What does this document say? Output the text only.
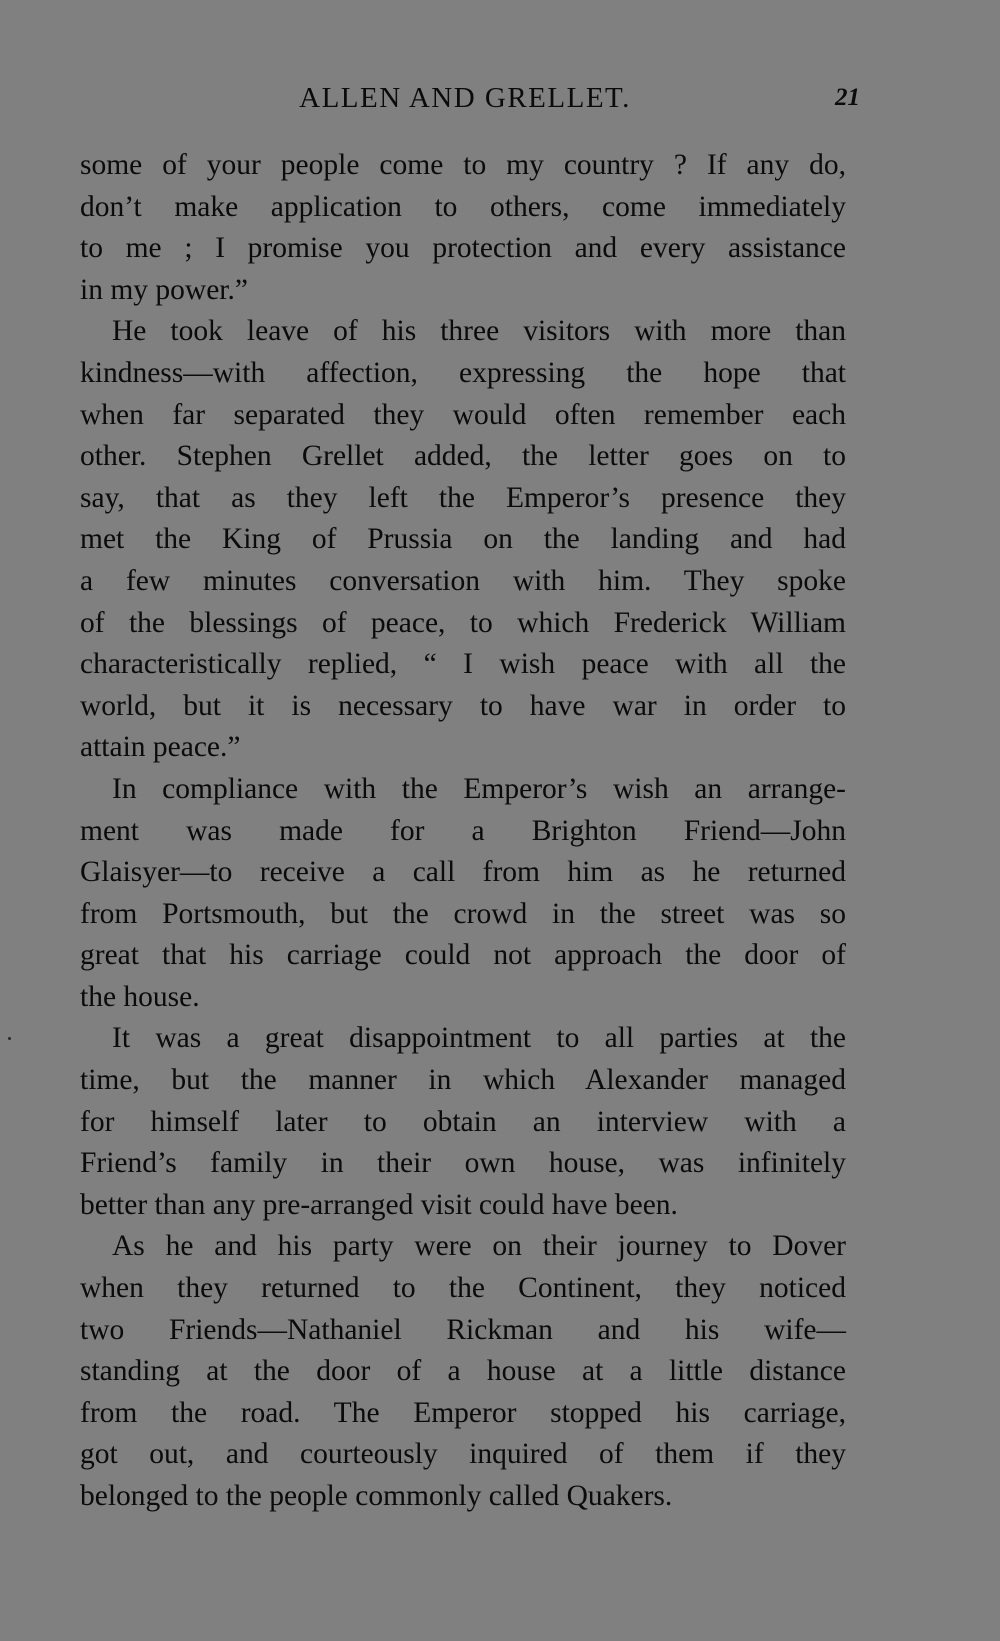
ALLEN AND GRELLET.	21

some of your people come to my country ? If any do,
don’t make application to others, come immediately
to me ; I promise you protection and every assistance
in my power.”

He took leave of his three visitors with more than
kindness—with affection, expressing the hope that
when far separated they would often remember each
other. Stephen Grellet added, the letter goes on to
say, that as they left the Emperor’s presence they
met the King of Prussia on the landing and had
a few minutes conversation with him. They spoke
of the blessings of peace, to which Frederick William
characteristically replied, “ I wish peace with all the
world, but it is necessary to have war in order to
attain peace.”

In compliance with the Emperor’s wish an arrange-
ment was made for a Brighton Friend—John
Glaisyer—to receive a call from him as he returned
from Portsmouth, but the crowd in the street was so
great that his carriage could not approach the door of
the house.

It was a great disappointment to all parties at the
time, but the manner in which Alexander managed
for himself later to obtain an interview with a
Friend’s family in their own house, was infinitely
better than any pre-arranged visit could have been.

As he and his party were on their journey to Dover
when they returned to the Continent, they noticed
two Friends—Nathaniel Rickman and his wife—
standing at the door of a house at a little distance
from the road. The Emperor stopped his carriage,
got out, and courteously inquired of them if they
belonged to the people commonly called Quakers.
